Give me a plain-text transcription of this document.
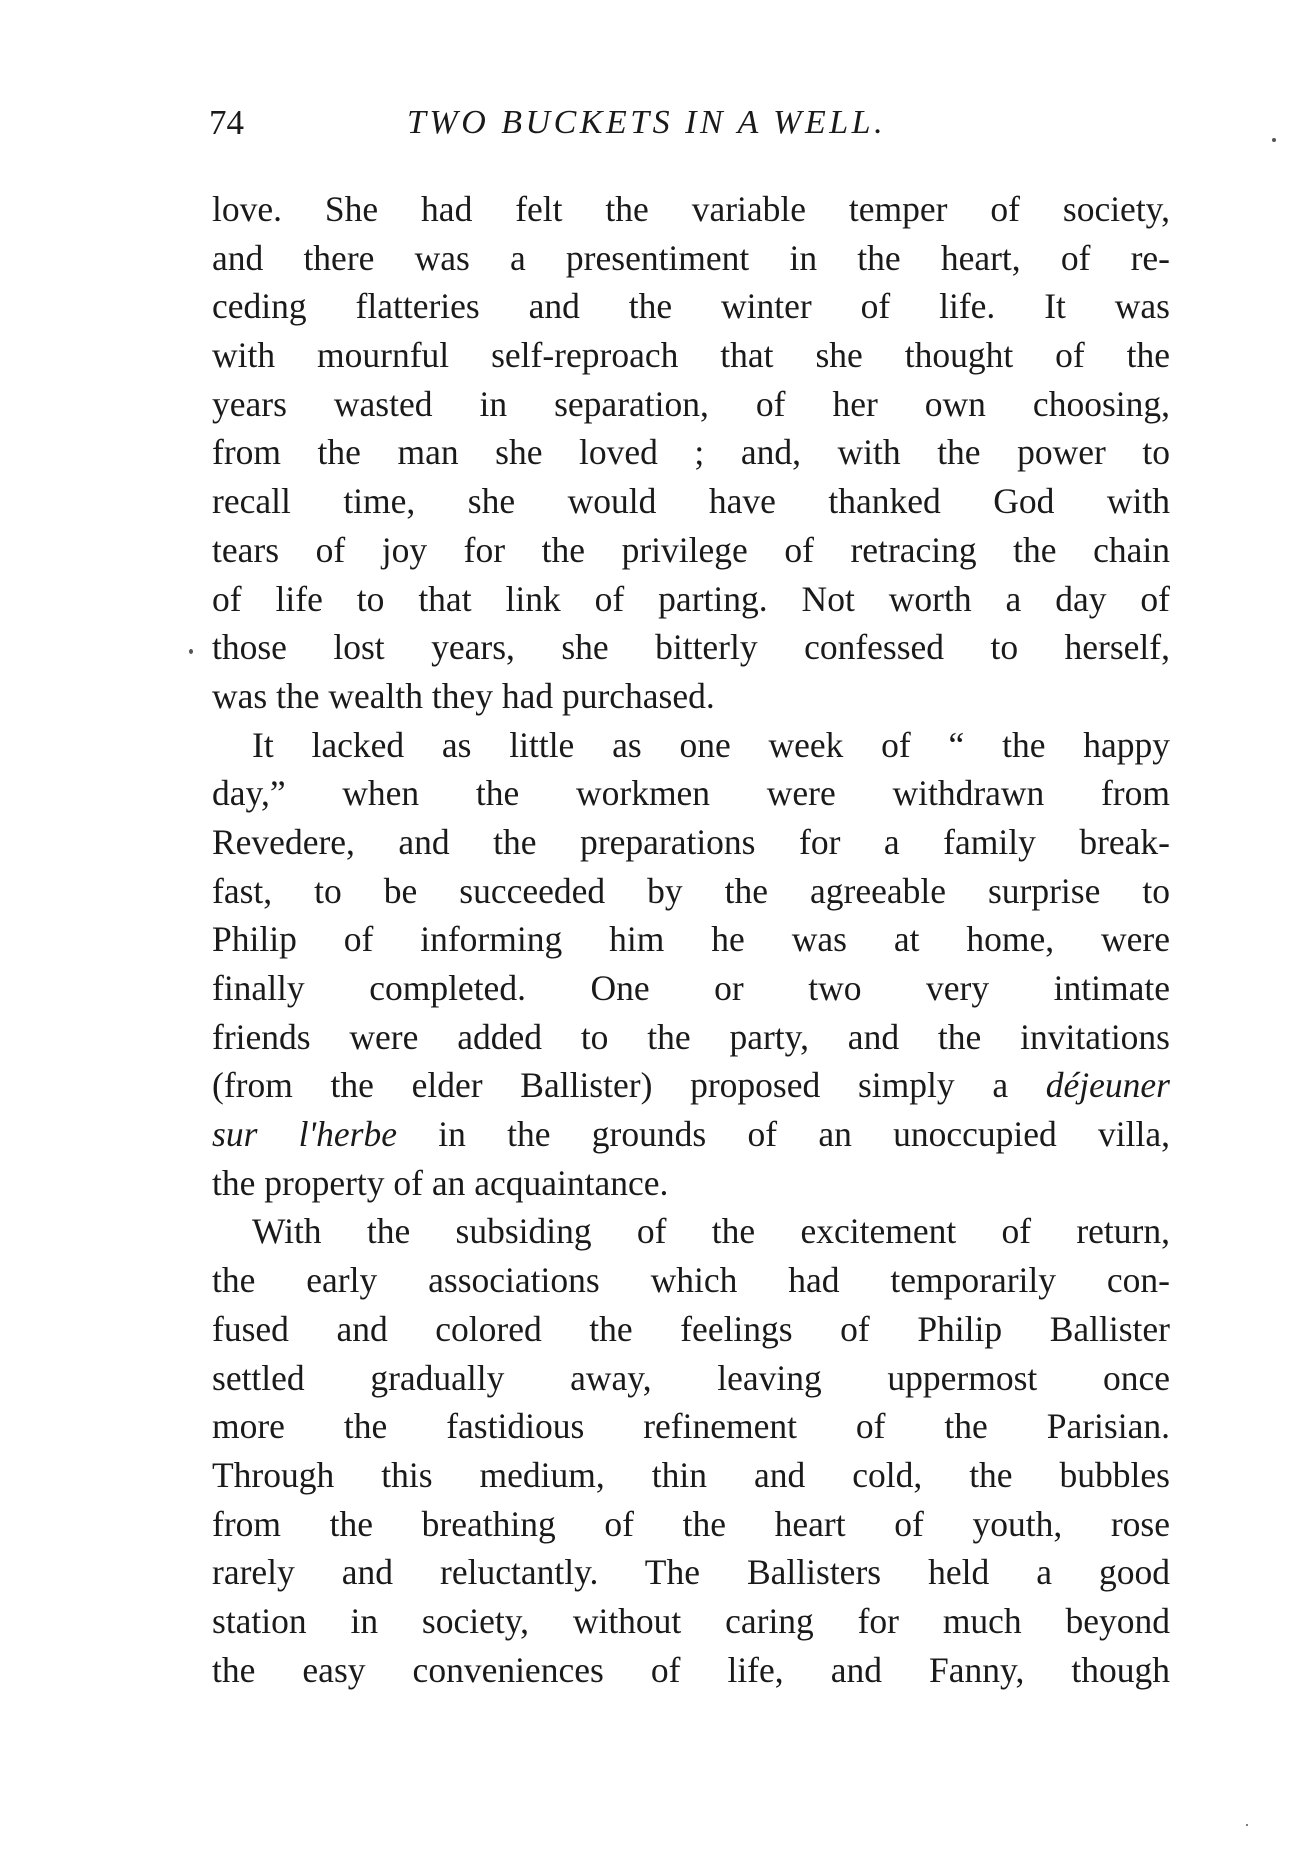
74	TWO BUCKETS IN A WELL.

love. She had felt the variable temper of society,
and there was a presentiment in the heart, of re-
ceding flatteries and the winter of life. It was
with mournful self-reproach that she thought of the
years wasted in separation, of her own choosing,
from the man she loved ; and, with the power to
recall time, she would have thanked God with
tears of joy for the privilege of retracing the chain
of life to that link of parting. Not worth a day of
those lost years, she bitterly confessed to herself,
was the wealth they had purchased.

It lacked as little as one week of “ the happy
day,” when the workmen were withdrawn from
Revedere, and the preparations for a family break-
fast, to be succeeded by the agreeable surprise to
Philip of informing him he was at home, were
finally completed. One or two very intimate
friends were added to the party, and the invitations
(from the elder Ballister) proposed simply a déjeuner
sur l'herbe in the grounds of an unoccupied villa,
the property of an acquaintance.

With the subsiding of the excitement of return,
the early associations which had temporarily con-
fused and colored the feelings of Philip Ballister
settled gradually away, leaving uppermost once
more the fastidious refinement of the Parisian.
Through this medium, thin and cold, the bubbles
from the breathing of the heart of youth, rose
rarely and reluctantly. The Ballisters held a good
station in society, without caring for much beyond
the easy conveniences of life, and Fanny, though
